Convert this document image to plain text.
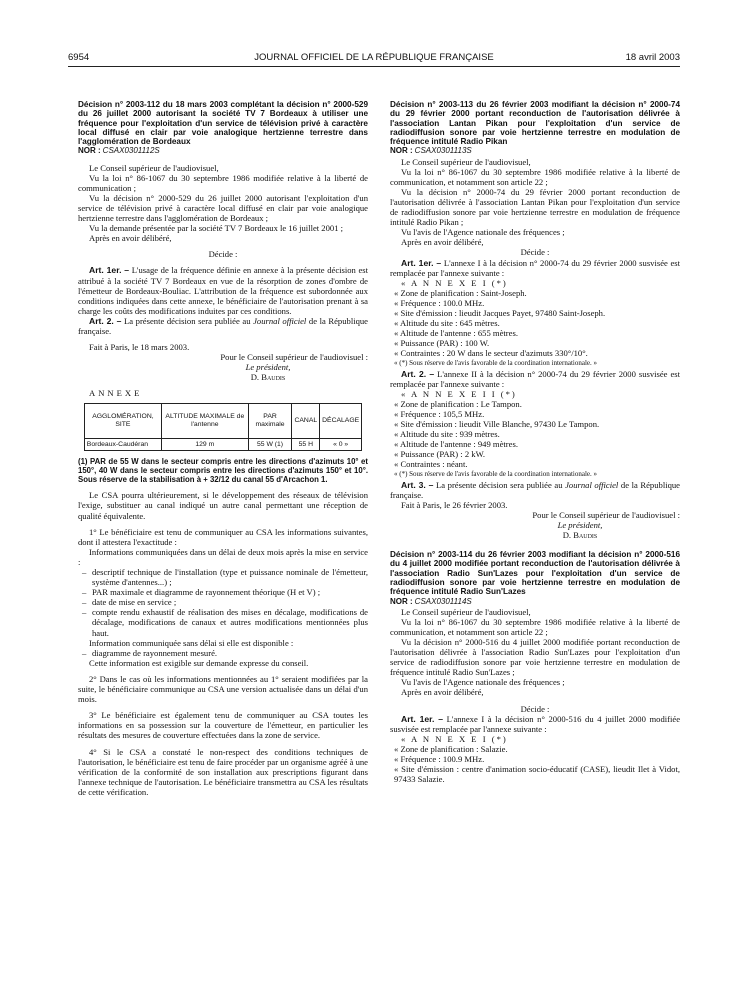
6954	JOURNAL OFFICIEL DE LA RÉPUBLIQUE FRANÇAISE	18 avril 2003

Décision n° 2003-112 du 18 mars 2003 complétant la décision n° 2000-529 du 26 juillet 2000 autorisant la société TV 7 Bordeaux à utiliser une fréquence pour l'exploitation d'un service de télévision privé à caractère local diffusé en clair par voie analogique hertzienne terrestre dans l'agglomération de Bordeaux

NOR : CSAX0301112S

Le Conseil supérieur de l'audiovisuel,

Vu la loi n° 86-1067 du 30 septembre 1986 modifiée relative à la liberté de communication ;

Vu la décision n° 2000-529 du 26 juillet 2000 autorisant l'exploitation d'un service de télévision privé à caractère local diffusé en clair par voie analogique hertzienne terrestre dans l'agglomération de Bordeaux ;

Vu la demande présentée par la société TV 7 Bordeaux le 16 juillet 2001 ;

Après en avoir délibéré,

Décide :

Art. 1er. – L'usage de la fréquence définie en annexe à la présente décision est attribué à la société TV 7 Bordeaux en vue de la résorption de zones d'ombre de l'émetteur de Bordeaux-Bouliac. L'attribution de la fréquence est subordonnée aux conditions indiquées dans cette annexe, le bénéficiaire de l'autorisation prenant à sa charge les coûts des modifications induites par ces conditions.

Art. 2. – La présente décision sera publiée au Journal officiel de la République française.

Fait à Paris, le 18 mars 2003.

Pour le Conseil supérieur de l'audiovisuel :

Le président,

D. Baudis

ANNEXE

AGGLOMÉRATION, SITE	ALTITUDE MAXIMALE de l'antenne	PAR maximale	CANAL	DÉCALAGE
Bordeaux-Caudéran	129 m	55 W (1)	55 H	« 0 »

(1) PAR de 55 W dans le secteur compris entre les directions d'azimuts 10° et 150°, 40 W dans le secteur compris entre les directions d'azimuts 150° et 10°. Sous réserve de la stabilisation à + 32/12 du canal 55 d'Arcachon 1.

Le CSA pourra ultérieurement, si le développement des réseaux de télévision l'exige, substituer au canal indiqué un autre canal permettant une réception de qualité équivalente.

1° Le bénéficiaire est tenu de communiquer au CSA les informations suivantes, dont il attestera l'exactitude :

Informations communiquées dans un délai de deux mois après la mise en service :

– descriptif technique de l'installation (type et puissance nominale de l'émetteur, système d'antennes...) ;

– PAR maximale et diagramme de rayonnement théorique (H et V) ;

– date de mise en service ;

– compte rendu exhaustif de réalisation des mises en décalage, modifications de décalage, modifications de canaux et autres modifications mentionnées plus haut.

Information communiquée sans délai si elle est disponible :

– diagramme de rayonnement mesuré.

Cette information est exigible sur demande expresse du conseil.

2° Dans le cas où les informations mentionnées au 1° seraient modifiées par la suite, le bénéficiaire communique au CSA une version actualisée dans un délai d'un mois.

3° Le bénéficiaire est également tenu de communiquer au CSA toutes les informations en sa possession sur la couverture de l'émetteur, en particulier les résultats des mesures de couverture effectuées dans la zone de service.

4° Si le CSA a constaté le non-respect des conditions techniques de l'autorisation, le bénéficiaire est tenu de faire procéder par un organisme agréé à une vérification de la conformité de son installation aux prescriptions figurant dans l'annexe technique de l'autorisation. Le bénéficiaire transmettra au CSA les résultats de cette vérification.

Décision n° 2003-113 du 26 février 2003 modifiant la décision n° 2000-74 du 29 février 2000 portant reconduction de l'autorisation délivrée à l'association Lantan Pikan pour l'exploitation d'un service de radiodiffusion sonore par voie hertzienne terrestre en modulation de fréquence intitulé Radio Pikan

NOR : CSAX0301113S

Le Conseil supérieur de l'audiovisuel,

Vu la loi n° 86-1067 du 30 septembre 1986 modifiée relative à la liberté de communication, et notamment son article 22 ;

Vu la décision n° 2000-74 du 29 février 2000 portant reconduction de l'autorisation délivrée à l'association Lantan Pikan pour l'exploitation d'un service de radiodiffusion sonore par voie hertzienne terrestre en modulation de fréquence intitulé Radio Pikan ;

Vu l'avis de l'Agence nationale des fréquences ;

Après en avoir délibéré,

Décide :

Art. 1er. – L'annexe I à la décision n° 2000-74 du 29 février 2000 susvisée est remplacée par l'annexe suivante :

« A N N E X E I (*)

« Zone de planification : Saint-Joseph.

« Fréquence : 100.0 MHz.

« Site d'émission : lieudit Jacques Payet, 97480 Saint-Joseph.

« Altitude du site : 645 mètres.

« Altitude de l'antenne : 655 mètres.

« Puissance (PAR) : 100 W.

« Contraintes : 20 W dans le secteur d'azimuts 330°/10°.

« (*) Sous réserve de l'avis favorable de la coordination internationale. »

Art. 2. – L'annexe II à la décision n° 2000-74 du 29 février 2000 susvisée est remplacée par l'annexe suivante :

« A N N E X E I I (*)

« Zone de planification : Le Tampon.

« Fréquence : 105,5 MHz.

« Site d'émission : lieudit Ville Blanche, 97430 Le Tampon.

« Altitude du site : 939 mètres.

« Altitude de l'antenne : 949 mètres.

« Puissance (PAR) : 2 kW.

« Contraintes : néant.

« (*) Sous réserve de l'avis favorable de la coordination internationale. »

Art. 3. – La présente décision sera publiée au Journal officiel de la République française.

Fait à Paris, le 26 février 2003.

Pour le Conseil supérieur de l'audiovisuel :

Le président,

D. Baudis

Décision n° 2003-114 du 26 février 2003 modifiant la décision n° 2000-516 du 4 juillet 2000 modifiée portant reconduction de l'autorisation délivrée à l'association Radio Sun'Lazes pour l'exploitation d'un service de radiodiffusion sonore par voie hertzienne terrestre en modulation de fréquence intitulé Radio Sun'Lazes

NOR : CSAX0301114S

Le Conseil supérieur de l'audiovisuel,

Vu la loi n° 86-1067 du 30 septembre 1986 modifiée relative à la liberté de communication, et notamment son article 22 ;

Vu la décision n° 2000-516 du 4 juillet 2000 modifiée portant reconduction de l'autorisation délivrée à l'association Radio Sun'Lazes pour l'exploitation d'un service de radiodiffusion sonore par voie hertzienne terrestre en modulation de fréquence intitulé Radio Sun'Lazes ;

Vu l'avis de l'Agence nationale des fréquences ;

Après en avoir délibéré,

Décide :

Art. 1er. – L'annexe I à la décision n° 2000-516 du 4 juillet 2000 modifiée susvisée est remplacée par l'annexe suivante :

« A N N E X E I (*)

« Zone de planification : Salazie.

« Fréquence : 100.9 MHz.

« Site d'émission : centre d'animation socio-éducatif (CASE), lieudit Ilet à Vidot, 97433 Salazie.
